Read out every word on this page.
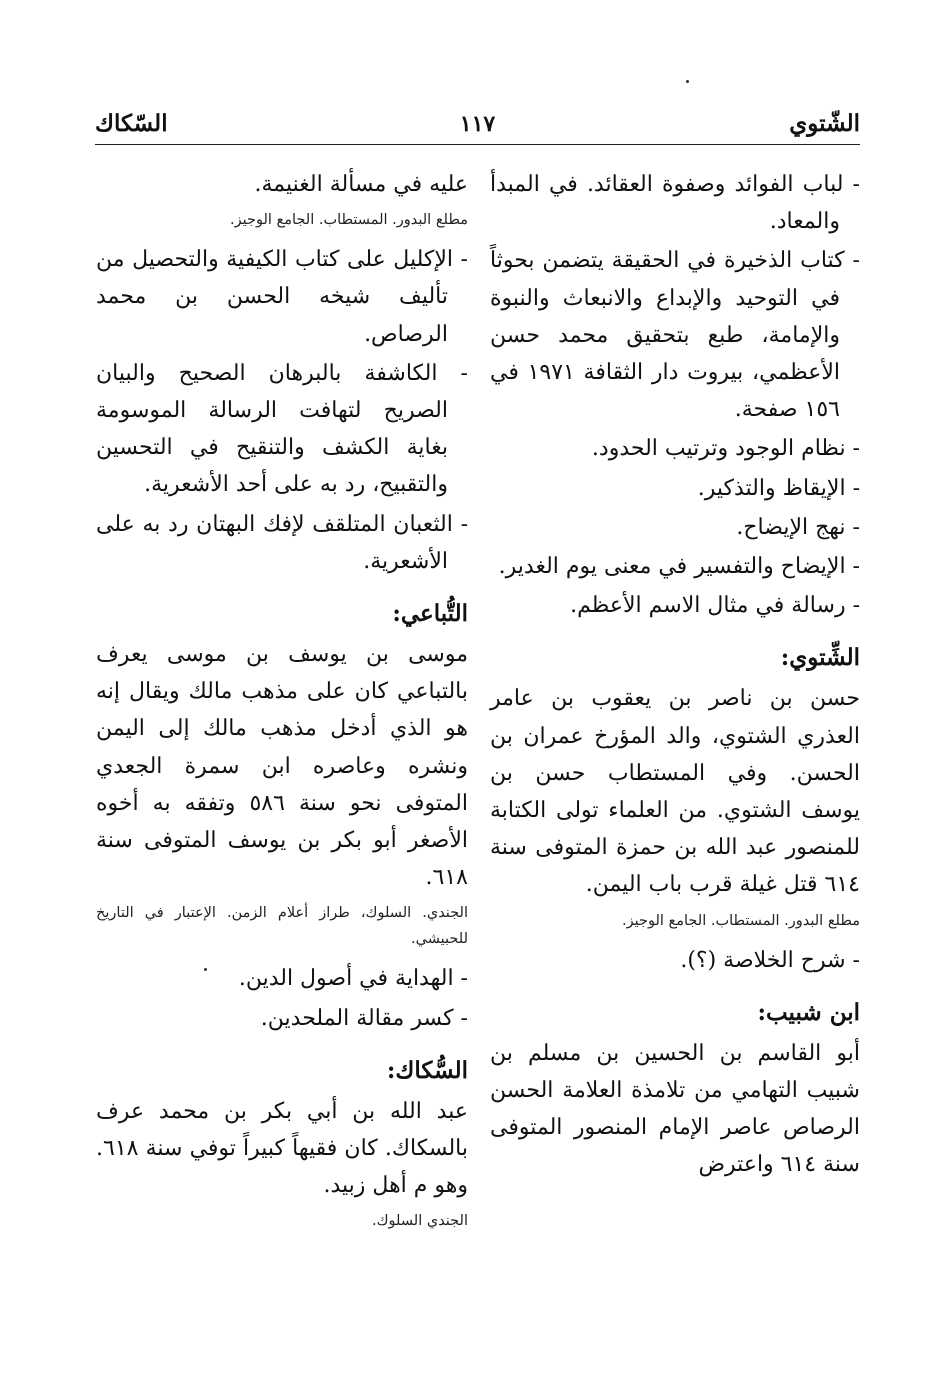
الشّتوي
١١٧
السّكاك

- لباب الفوائد وصفوة العقائد. في المبدأ والمعاد.

- كتاب الذخيرة في الحقيقة يتضمن بحوثاً في التوحيد والإبداع والانبعاث والنبوة والإمامة، طبع بتحقيق محمد حسن الأعظمي، بيروت دار الثقافة ١٩٧١ في ١٥٦ صفحة.

- نظام الوجود وترتيب الحدود.

- الإيقاظ والتذكير.

- نهج الإيضاح.

- الإيضاح والتفسير في معنى يوم الغدير.

- رسالة في مثال الاسم الأعظم.

الشِّتوي:

حسن بن ناصر بن يعقوب بن عامر العذري الشتوي، والد المؤرخ عمران بن الحسن. وفي المستطاب حسن بن يوسف الشتوي. من العلماء تولى الكتابة للمنصور عبد الله بن حمزة المتوفى سنة ٦١٤ قتل غيلة قرب باب اليمن.

مطلع البدور. المستطاب. الجامع الوجيز.

- شرح الخلاصة (؟).

ابن شبيب:

أبو القاسم بن الحسين بن مسلم بن شبيب التهامي من تلامذة العلامة الحسن الرصاص عاصر الإمام المنصور المتوفى سنة ٦١٤ واعترض

عليه في مسألة الغنيمة.

مطلع البدور. المستطاب. الجامع الوجيز.

- الإكليل على كتاب الكيفية والتحصيل من تأليف شيخه الحسن بن محمد الرصاص.

- الكاشفة بالبرهان الصحيح والبيان الصريح لتهافت الرسالة الموسومة بغاية الكشف والتنقيح في التحسين والتقبيح، رد به على أحد الأشعرية.

- الثعبان المتلقف لإفك البهتان رد به على الأشعرية.

التُّباعي:

موسى بن يوسف بن موسى يعرف بالتباعي كان على مذهب مالك ويقال إنه هو الذي أدخل مذهب مالك إلى اليمن ونشره وعاصره ابن سمرة الجعدي المتوفى نحو سنة ٥٨٦ وتفقه به أخوه الأصغر أبو بكر بن يوسف المتوفى سنة ٦١٨.

الجندي. السلوك، طراز أعلام الزمن. الإعتبار في التاريخ للحبيشي.

- الهداية في أصول الدين.

- كسر مقالة الملحدين.

السُّكاك:

عبد الله بن أبي بكر بن محمد عرف بالسكاك. كان فقيهاً كبيراً توفي سنة ٦١٨. وهو م أهل زبيد.

الجندي السلوك.
